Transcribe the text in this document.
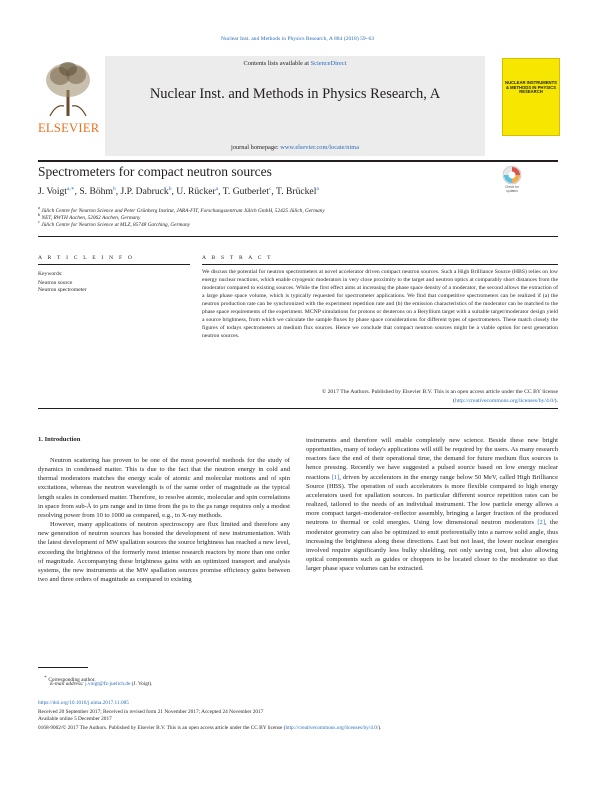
Nuclear Inst. and Methods in Physics Research, A 884 (2018) 59–63
ELSEVIER
Contents lists available at ScienceDirect
Nuclear Inst. and Methods in Physics Research, A
journal homepage: www.elsevier.com/locate/nima
NUCLEAR INSTRUMENTS & METHODS IN PHYSICS RESEARCH
Spectrometers for compact neutron sources
Check for updates
J. Voigt$^{a,∗}$, S. Böhm$^b$, J.P. Dabruck$^b$, U. Rücker$^a$, T. Gutberlet$^c$, T. Brückel$^a$
$^a$ Jülich Centre for Neutron Science and Peter Grünberg Institut, JARA-FIT, Forschungszentrum Jülich GmbH, 52425 Jülich, Germany
$^b$ NET, RWTH Aachen, 52062 Aachen, Germany
$^c$ Jülich Centre for Neutron Science at MLZ, 85748 Garching, Germany
A R T I C L E I N F O
Keywords:
Neutron source
Neutron spectrometer
A B S T R A C T
We discuss the potential for neutron spectrometers at novel accelerator driven compact neutron sources. Such a High Brilliance Source (HBS) relies on low energy nuclear reactions, which enable cryogenic moderators in very close proximity to the target and neutron optics at comparably short distances from the moderator compared to existing sources. While the first effect aims at increasing the phase space density of a moderator, the second allows the extraction of a large phase space volume, which is typically requested for spectrometer applications. We find that competitive spectrometers can be realized if (a) the neutron production rate can be synchronized with the experiment repetition rate and (b) the emission characteristics of the moderator can be matched to the phase space requirements of the experiment. MCNP simulations for protons or deuterons on a Beryllium target with a suitable target/moderator design yield a source brightness, from which we calculate the sample fluxes by phase space considerations for different types of spectrometers. These match closely the figures of todays spectrometers at medium flux sources. Hence we conclude that compact neutron sources might be a viable option for next generation neutron sources.
© 2017 The Authors. Published by Elsevier B.V. This is an open access article under the CC BY license
(http://creativecommons.org/licenses/by/4.0/).
1. Introduction

Neutron scattering has proven to be one of the most powerful methods for the study of dynamics in condensed matter. This is due to the fact that the neutron energy in cold and thermal moderators matches the energy scale of atomic and molecular motions and of spin excitations, whereas the neutron wavelength is of the same order of magnitude as the typical length scales in condensed matter. Therefore, to resolve atomic, molecular and spin correlations in space from sub-Å to μm range and in time from the ps to the μs range requires only a modest resolving power from 10 to 1000 as compared, e.g., to X-ray methods.

However, many applications of neutron spectroscopy are flux limited and therefore any new generation of neutron sources has boosted the development of new instrumentation. With the latest development of MW spallation sources the source brightness has reached a new level, exceeding the brightness of the formerly most intense research reactors by more than one order of magnitude. Accompanying these brightness gains with an optimized transport and analysis systems, the new instruments at the MW spallation sources promise efficiency gains between two and three orders of magnitude as compared to existing

instruments and therefore will enable completely new science. Beside these new bright opportunities, many of today's applications will still be required by the users. As many research reactors face the end of their operational time, the demand for future medium flux sources is hence pressing. Recently we have suggested a pulsed source based on low energy nuclear reactions [1], driven by accelerators in the energy range below 50 MeV, called High Brilliance Source (HBS). The operation of such accelerators is more flexible compared to high energy accelerators used for spallation sources. In particular different source repetition rates can be realized, tailored to the needs of an individual instrument. The low particle energy allows a more compact target–moderator–reflector assembly, bringing a larger fraction of the produced neutrons to thermal or cold energies. Using low dimensional neutron moderators [2], the moderator geometry can also be optimized to emit preferentially into a narrow solid angle, thus increasing the brightness along these directions. Last but not least, the lower nuclear energies involved require significantly less bulky shielding, not only saving cost, but also allowing optical components such as guides or choppers to be located closer to the moderator so that larger phase space volumes can be extracted.

∗ Corresponding author.
E-mail address: j.voigt@fz-juelich.de (J. Voigt).
https://doi.org/10.1016/j.nima.2017.11.085
Received 20 September 2017; Received in revised form 21 November 2017; Accepted 24 November 2017
Available online 5 December 2017
0168-9002/© 2017 The Authors. Published by Elsevier B.V. This is an open access article under the CC BY license (http://creativecommons.org/licenses/by/4.0/).
